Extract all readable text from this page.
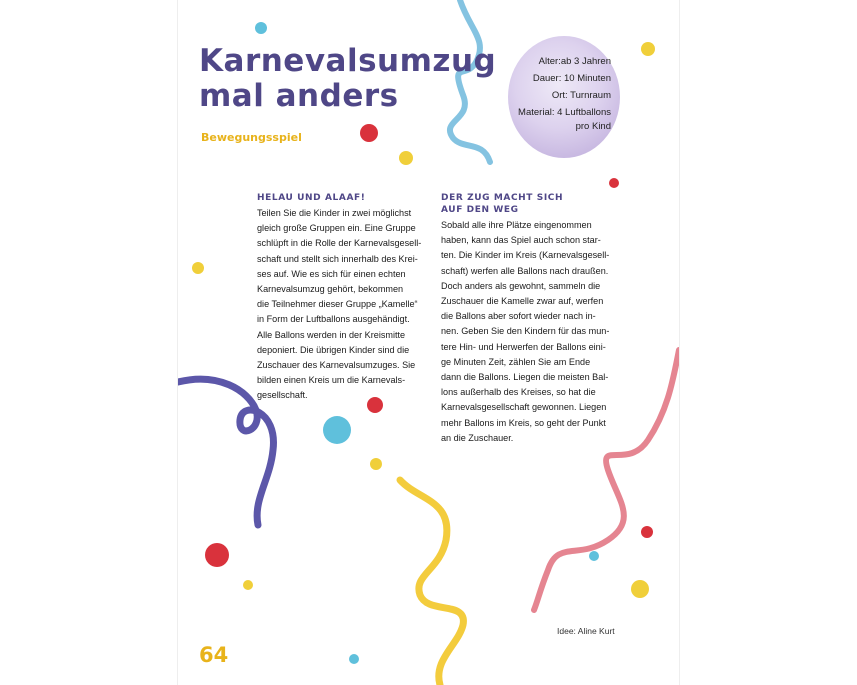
Karnevalsumzug
mal anders
Bewegungsspiel
Alter:ab 3 Jahren
Dauer: 10 Minuten
Ort: Turnraum
Material: 4 Luftballons
pro Kind
HELAU UND ALAAF!

Teilen Sie die Kinder in zwei möglichst
gleich große Gruppen ein. Eine Gruppe
schlüpft in die Rolle der Karnevalsgesell-
schaft und stellt sich innerhalb des Krei-
ses auf. Wie es sich für einen echten
Karnevalsumzug gehört, bekommen
die Teilnehmer dieser Gruppe „Kamelle“
in Form der Luftballons ausgehändigt.
Alle Ballons werden in der Kreismitte
deponiert. Die übrigen Kinder sind die
Zuschauer des Karnevalsumzuges. Sie
bilden einen Kreis um die Karnevals-
gesellschaft.

DER ZUG MACHT SICH
AUF DEN WEG

Sobald alle ihre Plätze eingenommen
haben, kann das Spiel auch schon star-
ten. Die Kinder im Kreis (Karnevalsgesell-
schaft) werfen alle Ballons nach draußen.
Doch anders als gewohnt, sammeln die
Zuschauer die Kamelle zwar auf, werfen
die Ballons aber sofort wieder nach in-
nen. Geben Sie den Kindern für das mun-
tere Hin- und Herwerfen der Ballons eini-
ge Minuten Zeit, zählen Sie am Ende
dann die Ballons. Liegen die meisten Bal-
lons außerhalb des Kreises, so hat die
Karnevalsgesellschaft gewonnen. Liegen
mehr Ballons im Kreis, so geht der Punkt
an die Zuschauer.

Idee: Aline Kurt
64
